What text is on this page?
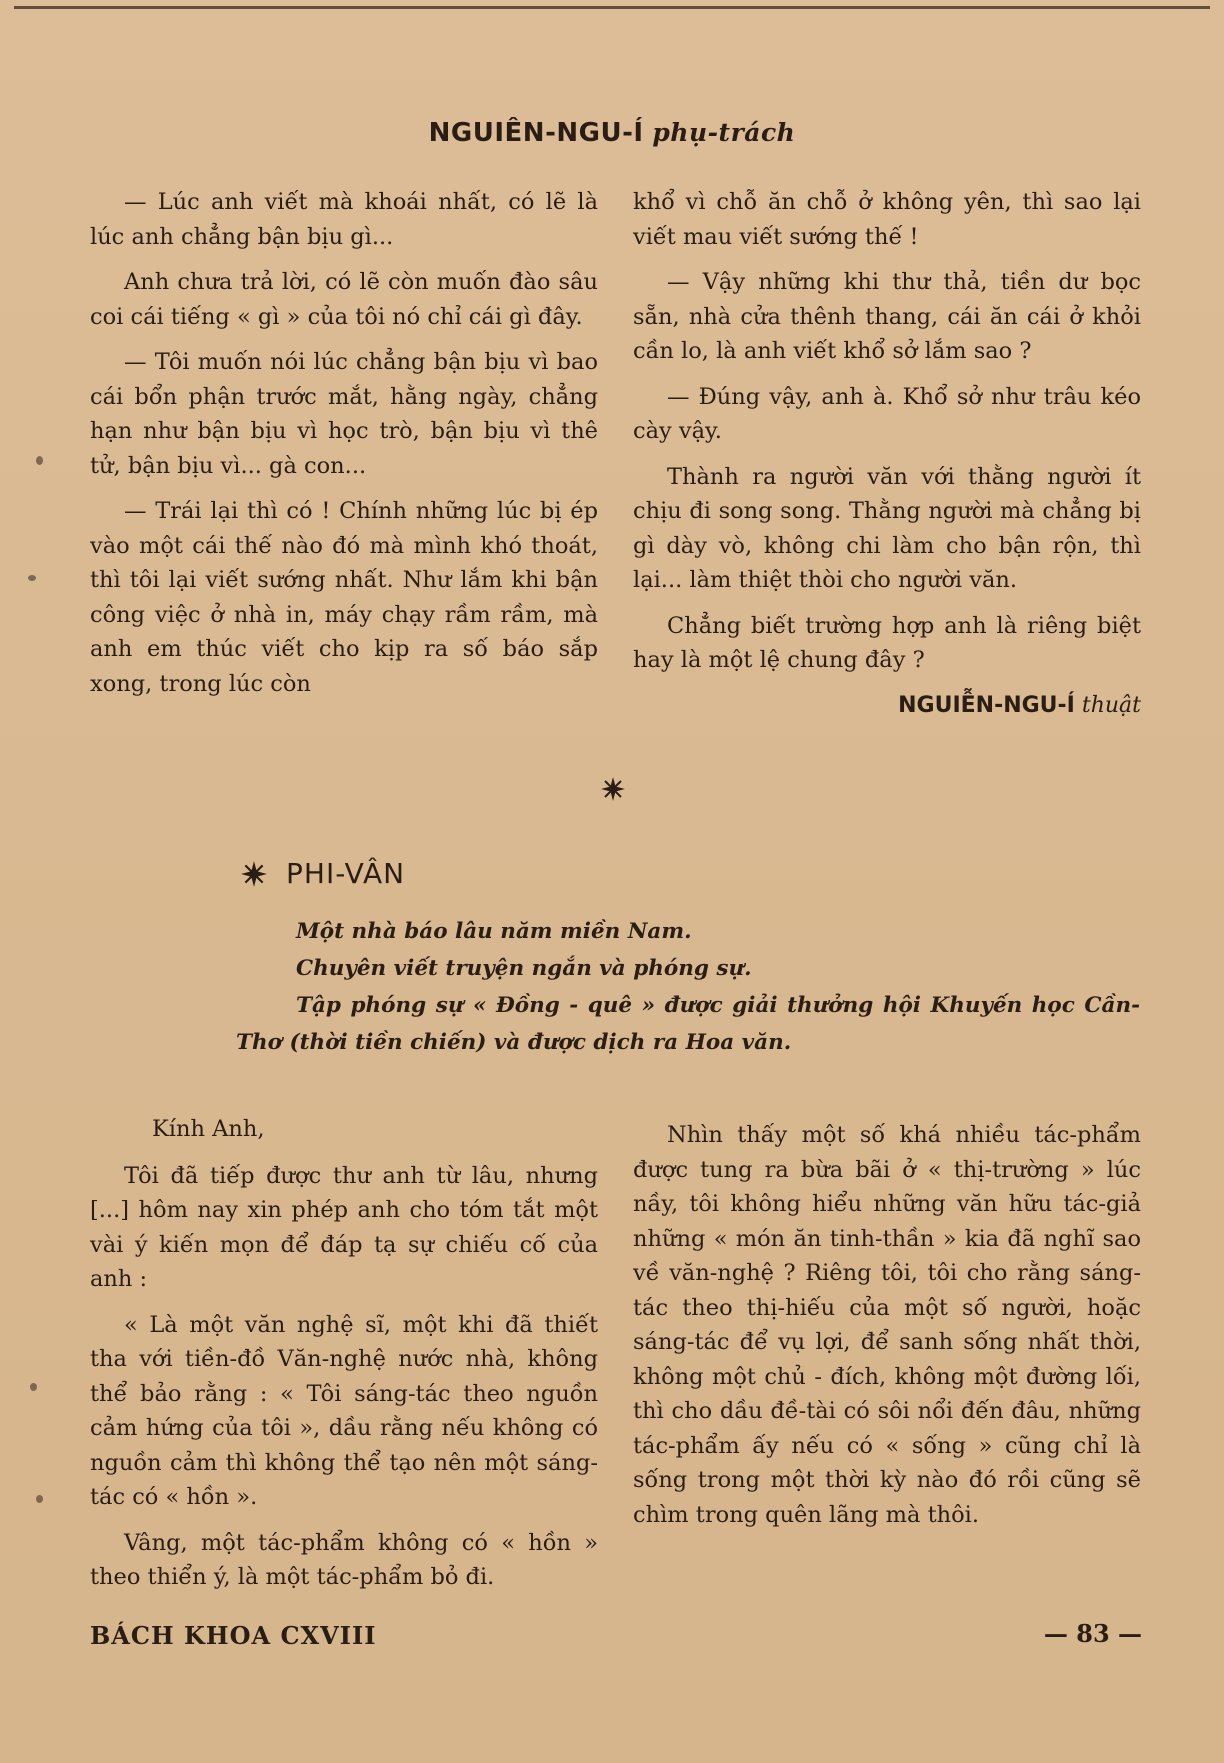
NGUIÊN-NGU-Í phụ-trách

— Lúc anh viết mà khoái nhất, có lẽ là lúc anh chẳng bận bịu gì...

Anh chưa trả lời, có lẽ còn muốn đào sâu coi cái tiếng « gì » của tôi nó chỉ cái gì đây.

— Tôi muốn nói lúc chẳng bận bịu vì bao cái bổn phận trước mắt, hằng ngày, chẳng hạn như bận bịu vì học trò, bận bịu vì thê tử, bận bịu vì... gà con...

— Trái lại thì có ! Chính những lúc bị ép vào một cái thế nào đó mà mình khó thoát, thì tôi lại viết sướng nhất. Như lắm khi bận công việc ở nhà in, máy chạy rầm rầm, mà anh em thúc viết cho kịp ra số báo sắp xong, trong lúc còn

khổ vì chỗ ăn chỗ ở không yên, thì sao lại viết mau viết sướng thế !

— Vậy những khi thư thả, tiền dư bọc sẵn, nhà cửa thênh thang, cái ăn cái ở khỏi cần lo, là anh viết khổ sở lắm sao ?

— Đúng vậy, anh à. Khổ sở như trâu kéo cày vậy.

Thành ra người văn với thằng người ít chịu đi song song. Thằng người mà chẳng bị gì dày vò, không chi làm cho bận rộn, thì lại... làm thiệt thòi cho người văn.

Chẳng biết trường hợp anh là riêng biệt hay là một lệ chung đây ?

NGUIỄN-NGU-Í thuật
PHI-VÂN
Một nhà báo lâu năm miền Nam.
Chuyên viết truyện ngắn và phóng sự.
Tập phóng sự « Đồng - quê » được giải thưởng hội Khuyến học Cần-Thơ (thời tiền chiến) và được dịch ra Hoa văn.
Kính Anh,

Tôi đã tiếp được thư anh từ lâu, nhưng [...] hôm nay xin phép anh cho tóm tắt một vài ý kiến mọn để đáp tạ sự chiếu cố của anh :

« Là một văn nghệ sĩ, một khi đã thiết tha với tiền-đồ Văn-nghệ nước nhà, không thể bảo rằng : « Tôi sáng-tác theo nguồn cảm hứng của tôi », dầu rằng nếu không có nguồn cảm thì không thể tạo nên một sáng-tác có « hồn ».

Vâng, một tác-phẩm không có « hồn » theo thiển ý, là một tác-phẩm bỏ đi.

Nhìn thấy một số khá nhiều tác-phẩm được tung ra bừa bãi ở « thị-trường » lúc nầy, tôi không hiểu những văn hữu tác-giả những « món ăn tinh-thần » kia đã nghĩ sao về văn-nghệ ? Riêng tôi, tôi cho rằng sáng-tác theo thị-hiếu của một số người, hoặc sáng-tác để vụ lợi, để sanh sống nhất thời, không một chủ - đích, không một đường lối, thì cho dầu đề-tài có sôi nổi đến đâu, những tác-phẩm ấy nếu có « sống » cũng chỉ là sống trong một thời kỳ nào đó rồi cũng sẽ chìm trong quên lãng mà thôi.

BÁCH KHOA CXVIII	— 83 —
